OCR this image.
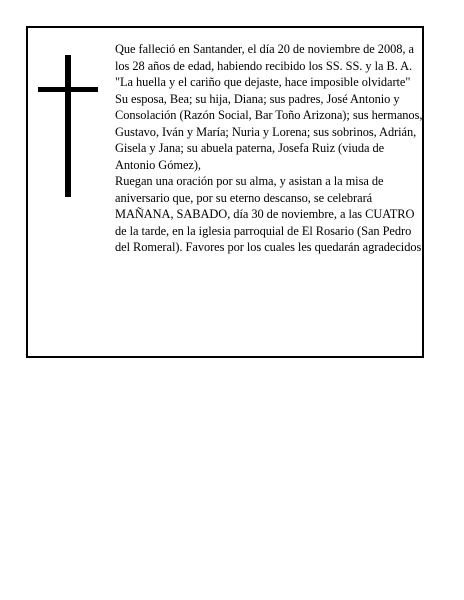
Que falleció en Santander, el día 20 de noviembre de 2008, a los 28 años de edad, habiendo recibido los SS. SS. y la B. A.

"La huella y el cariño que dejaste, hace imposible olvidarte"

Su esposa, Bea; su hija, Diana; sus padres, José Antonio y Consolación (Razón Social, Bar Toño Arizona); sus hermanos, Gustavo, Iván y María; Nuria y Lorena; sus sobrinos, Adrián, Gisela y Jana; su abuela paterna, Josefa Ruiz (viuda de Antonio Gómez),

Ruegan una oración por su alma, y asistan a la misa de aniversario que, por su eterno descanso, se celebrará MAÑANA, SABADO, día 30 de noviembre, a las CUATRO de la tarde, en la iglesia parroquial de El Rosario (San Pedro del Romeral). Favores por los cuales les quedarán agradecidos.
